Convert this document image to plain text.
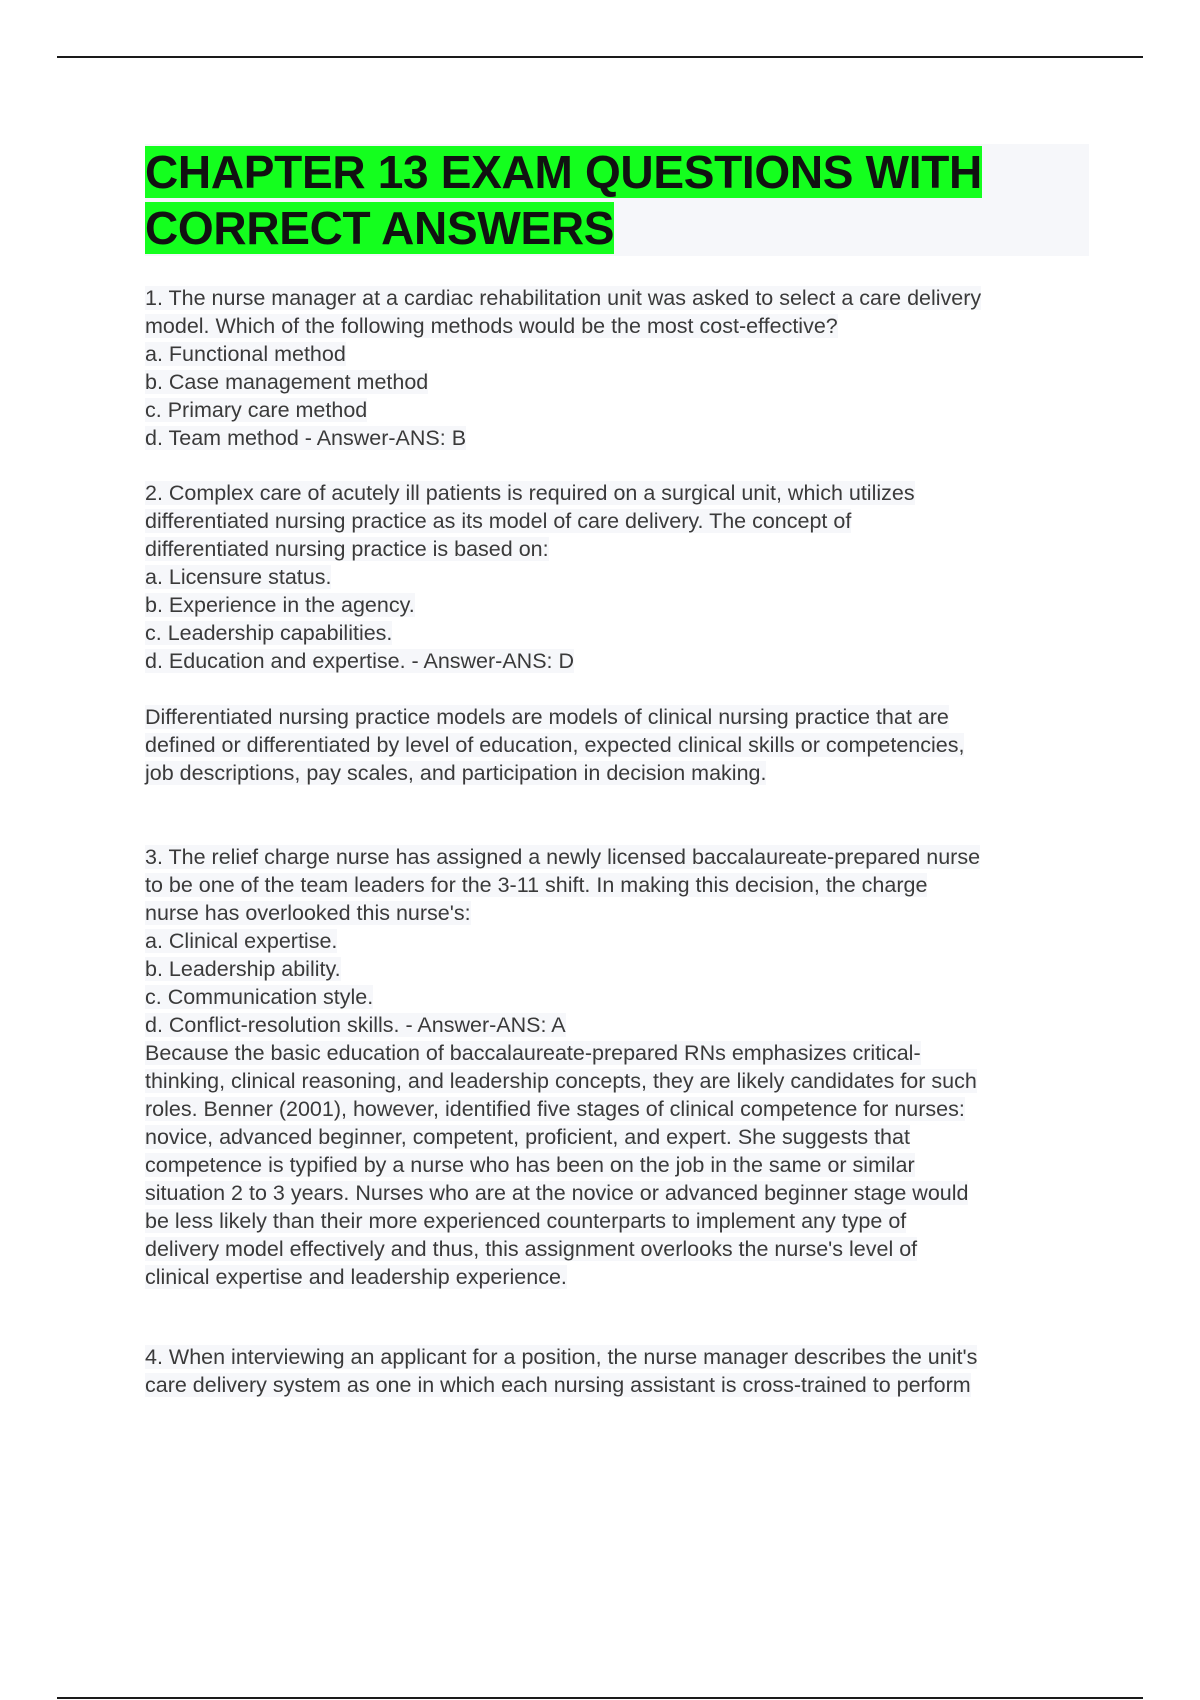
CHAPTER 13 EXAM QUESTIONS WITH
CORRECT ANSWERS
1. The nurse manager at a cardiac rehabilitation unit was asked to select a care delivery
model. Which of the following methods would be the most cost-effective?
a. Functional method
b. Case management method
c. Primary care method
d. Team method - Answer-ANS: B
2. Complex care of acutely ill patients is required on a surgical unit, which utilizes
differentiated nursing practice as its model of care delivery. The concept of
differentiated nursing practice is based on:
a. Licensure status.
b. Experience in the agency.
c. Leadership capabilities.
d. Education and expertise. - Answer-ANS: D
Differentiated nursing practice models are models of clinical nursing practice that are
defined or differentiated by level of education, expected clinical skills or competencies,
job descriptions, pay scales, and participation in decision making.
3. The relief charge nurse has assigned a newly licensed baccalaureate-prepared nurse
to be one of the team leaders for the 3-11 shift. In making this decision, the charge
nurse has overlooked this nurse's:
a. Clinical expertise.
b. Leadership ability.
c. Communication style.
d. Conflict-resolution skills. - Answer-ANS: A
Because the basic education of baccalaureate-prepared RNs emphasizes critical-
thinking, clinical reasoning, and leadership concepts, they are likely candidates for such
roles. Benner (2001), however, identified five stages of clinical competence for nurses:
novice, advanced beginner, competent, proficient, and expert. She suggests that
competence is typified by a nurse who has been on the job in the same or similar
situation 2 to 3 years. Nurses who are at the novice or advanced beginner stage would
be less likely than their more experienced counterparts to implement any type of
delivery model effectively and thus, this assignment overlooks the nurse's level of
clinical expertise and leadership experience.
4. When interviewing an applicant for a position, the nurse manager describes the unit's
care delivery system as one in which each nursing assistant is cross-trained to perform
